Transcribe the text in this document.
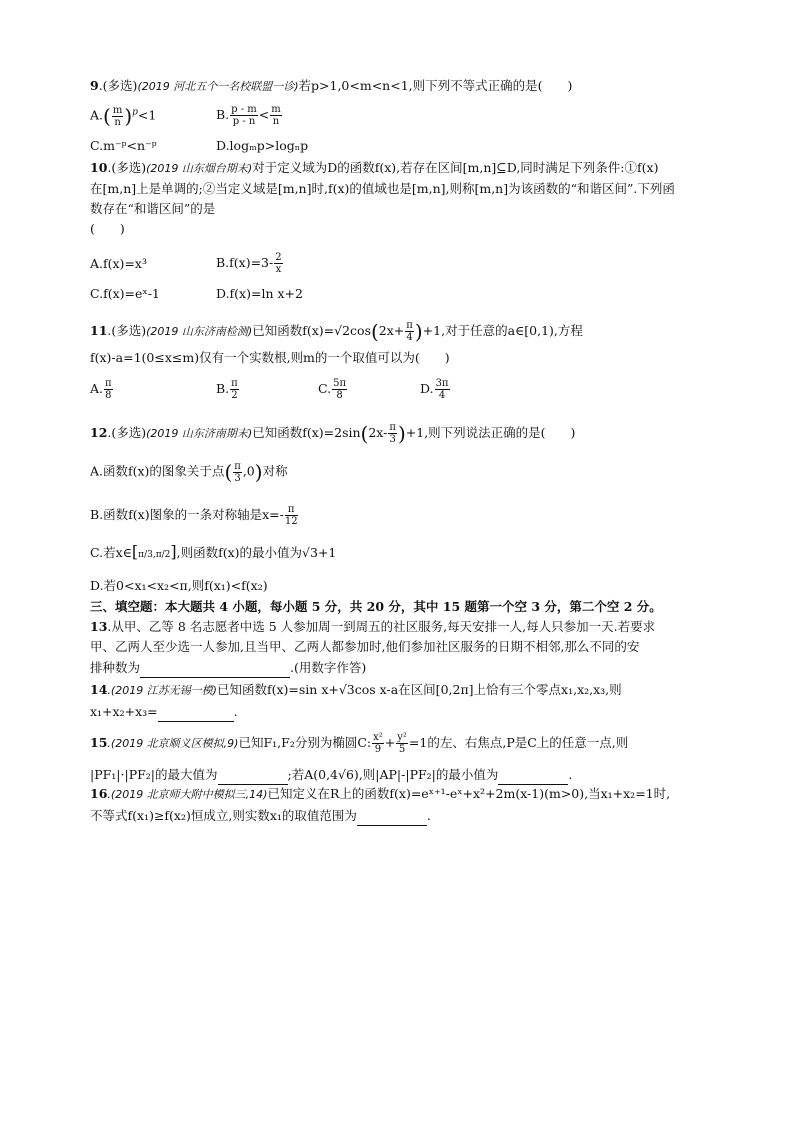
9.(多选)(2019 河北五个一名校联盟一诊)若p>1,0<m<n<1,则下列不等式正确的是(　　)
$A.( \frac{m}{n} )^p<1$	B. $\frac{p - m}{p - n} < \frac{m}{n}$
C.m⁻ᵖ<n⁻ᵖ	D.logₘp>logₙp
10.(多选)(2019 山东烟台期末)对于定义域为D的函数f(x),若存在区间[m,n]⊆D,同时满足下列条件:①f(x)
在[m,n]上是单调的;②当定义域是[m,n]时,f(x)的值域也是[m,n],则称[m,n]为该函数的“和谐区间”.下列函
数存在“和谐区间”的是
(　　)
A.f(x)=x³	$B.f(x)=3- \frac{2}{x}$
C.f(x)=eˣ-1	D.f(x)=ln x+2
11.(多选)(2019 山东济南检测)已知函数$f(x)=√2\cos(2x+ \frac{\pi}{4} )+1$,对于任意的a∈[0,1),方程
f(x)-a=1(0≤x≤m)仅有一个实数根,则m的一个取值可以为(　　)
A. $\frac{\pi}{8}$	B. $\frac{\pi}{2}$	C. $\frac{5\pi}{8}$	D. $\frac{3\pi}{4}$
12.(多选)(2019 山东济南期末)已知函数$f(x)=2\sin(2x- \frac{\pi}{3} )+1$,则下列说法正确的是(　　)
A.函数f(x)的图象关于点( $\frac{\pi}{3} ,0$)对称
B.函数f(x)图象的一条对称轴是$x=- \frac{\pi}{12}$
C.若x∈[π/3,π/2],则函数f(x)的最小值为√3+1
D.若0<x₁<x₂<π,则f(x₁)<f(x₂)
三、填空题：本大题共 4 小题，每小题 5 分，共 20 分，其中 15 题第一个空 3 分，第二个空 2 分。
13.从甲、乙等 8 名志愿者中选 5 人参加周一到周五的社区服务,每天安排一人,每人只参加一天.若要求
甲、乙两人至少选一人参加,且当甲、乙两人都参加时,他们参加社区服务的日期不相邻,那么不同的安
排种数为	.(用数字作答)
14.(2019 江苏无锡一模)已知函数f(x)=sin x+√3cos x-a在区间[0,2π]上恰有三个零点x₁,x₂,x₃,则
x₁+x₂+x₃=	.
15.(2019 北京顺义区模拟,9)已知F₁,F₂分别为椭圆C: $\frac{\text{x²}}{9} + \frac{\text{y²}}{5} =1$的左、右焦点,P是C上的任意一点,则
|PF₁|·|PF₂|的最大值为	;若A(0,4√6),则|AP|-|PF₂|的最小值为	.
16.(2019 北京师大附中模拟三,14)已知定义在R上的函数f(x)=eˣ⁺¹-eˣ+x²+2m(x-1)(m>0),当x₁+x₂=1时,
不等式f(x₁)≥f(x₂)恒成立,则实数x₁的取值范围为	.
